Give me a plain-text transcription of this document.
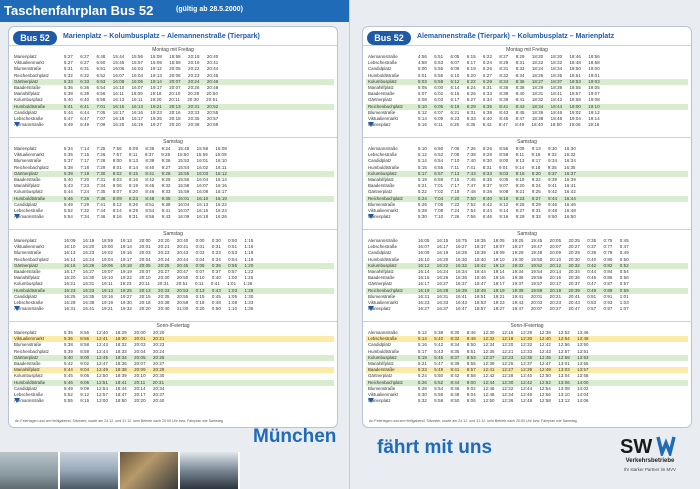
Taschenfahrplan Bus 52	(gültig ab 28.5.2000)
Bus 52	Marienplatz – Kolumbusplatz – Alemannenstraße (Tierpark)
Montag mit Freitag
Marienplatz	5:27 6:27 6:48 15:44 15:56 15:08 15:58 20:18 20:40
Viktualienmarkt	5:27 6:27 6:50 15:45 15:57 15:09 15:59 20:19 20:41
Blumenstraße	5:31 6:31 6:51 16:06 16:03 19:12 20:05 20:22 20:44
Reichenbachplatz	5:32 6:32 6:52 16:07 16:04 19:13 20:06 20:23 20:45
Gärtnerplatz	5:33 6:33 6:53 16:08 16:05 19:14 20:07 20:24 20:46
Baaderstraße	5:36 6:36 6:54 16:10 16:07 19:17 20:07 20:26 20:48
Mariahilfplatz	5:39 6:39 6:56 16:11 16:09 19:18 20:10 20:28 20:50
Kolumbusplatz	5:40 6:40 6:58 16:13 16:11 19:20 20:11 20:30 20:51
Humboldtstraße	5:41 6:41 7:01 16:15 16:13 19:21 20:13 20:31 20:52
Candidplatz	5:44 6:44 7:05 16:17 16:16 19:23 20:16 20:33 20:55
Lebschestraße	5:47 6:47 7:07 16:18 16:17 19:25 20:18 20:35 20:57
Alemannstraße	5:49 6:49 7:09 16:20 16:19 19:27 20:20 20:38 20:59
Samstag
Marienplatz	5:34 7:14 7:25 7:56 8:09 8:36 9:24 15:49 15:58 16:08
Viktualienmarkt	5:35 7:15 7:26 7:57 8:11 8:37 9:25 15:50 15:59 16:09
Blumenstraße	5:37 7:17 7:28 8:00 8:13 8:39 9:26 15:53 16:01 16:10
Reichenbachplatz	5:38 7:18 7:29 8:01 8:14 8:40 9:27 15:54 16:02 16:11
Gärtnerplatz	5:39 7:19 7:30 8:02 8:15 8:41 9:28 15:55 16:03 16:12
Baaderstraße	5:40 7:20 7:31 8:03 8:16 8:42 9:29 15:56 16:04 16:14
Mariahilfplatz	5:43 7:23 7:34 8:06 8:19 8:45 9:32 15:58 16:07 16:16
Kolumbusplatz	5:44 7:24 7:35 8:07 8:20 8:46 9:33 15:59 16:08 16:17
Humboldtstraße	5:46 7:26 7:38 8:09 8:23 8:48 9:35 16:01 16:10 16:19
Candidplatz	5:49 7:29 7:41 8:12 8:26 8:51 9:38 16:04 16:13 16:22
Lebschestraße	5:52 7:32 7:44 8:14 8:29 8:54 9:41 16:07 16:15 16:24
Alemannstraße	5:54 7:34 7:46 8:16 8:31 8:56 9:43 16:09 16:18 16:26
Samstag
Marienplatz	16:09 16:19 18:59 19:13 20:00 20:20 20:40 0:00 0:30 0:50 1:15
Viktualienmarkt	16:10 16:20 19:00 19:14 20:01 20:21 20:41 0:01 0:31 0:51 1:16
Blumenstraße	16:13 16:23 19:02 19:16 20:03 20:23 20:43 0:03 0:33 0:53 1:18
Reichenbachplatz	16:14 16:24 19:04 19:17 20:04 20:24 20:44 0:04 0:34 0:54 1:19
Gärtnerplatz	16:16 16:26 19:06 19:18 20:05 20:25 20:45 0:05 0:35 0:55 1:20
Baaderstraße	16:17 16:27 19:07 19:19 20:07 20:27 20:47 0:07 0:37 0:57 1:22
Mariahilfplatz	16:20 16:30 19:10 19:22 20:10 20:30 20:50 0:10 0:40 1:00 1:25
Kolumbusplatz	16:21 16:31 19:11 19:23 20:11 20:31 20:51 0:11 0:41 1:01 1:26
Humboldtstraße	16:23 16:33 19:13 19:25 20:13 20:33 20:53 0:13 0:43 1:03 1:28
Candidplatz	16:25 16:35 19:16 19:27 20:15 20:35 20:55 0:15 0:45 1:05 1:30
Lebschestraße	16:28 16:38 19:19 19:30 20:18 20:38 20:58 0:18 0:48 1:08 1:33
Alemannstraße	16:31 16:41 19:21 19:32 20:20 20:40 21:00 0:20 0:50 1:10 1:35
Sonn-/Feiertag
Marienplatz	5:35 8:55 12:40 18:29 20:00 20:20
Viktualienmarkt	5:36 8:56 12:41 18:30 20:01 20:21
Blumenstraße	5:38 8:58 12:43 18:32 20:03 20:23
Reichenbachplatz	5:39 8:59 12:44 18:33 20:04 20:24
Gärtnerplatz	5:40 9:00 12:45 18:34 20:05 20:25
Baaderstraße	5:42 9:02 12:47 18:36 20:07 20:27
Mariahilfplatz	5:44 9:04 12:49 18:38 20:09 20:29
Kolumbusplatz	5:45 9:05 12:50 18:39 20:10 20:30
Humboldtstraße	5:46 9:06 12:51 18:41 20:11 20:31
Candidplatz	5:49 9:09 12:54 18:44 20:14 20:34
Lebschestraße	5:52 9:12 12:57 18:47 20:17 20:37
Alemannstraße	5:55 9:15 13:00 18:50 20:20 20:40
An Feiertagen und am Heiligabend, Silvester, sowie am 24.12. und 31.12. kein Betrieb nach 20:00 Uhr bzw. Fahrplan wie Samstag
Bus 52	Alemannenstraße (Tierpark) – Kolumbusplatz – Marienplatz
Montag mit Freitag
Alemannstraße	4:56 5:51 6:05 6:15 6:22 8:27 8:29 18:20 18:30 18:46 18:56
Lebschestraße	4:58 5:53 6:07 6:17 6:24 8:29 8:31 18:22 18:32 18:48 18:58
Candidplatz	5:00 5:55 6:09 6:19 6:26 8:31 8:33 18:24 18:34 18:50 19:00
Humboldtstraße	5:01 5:56 6:10 6:20 6:27 8:32 8:34 18:25 18:35 18:51 19:01
Kolumbusplatz	5:03 5:58 6:12 6:22 6:29 8:34 8:36 18:27 18:37 18:53 19:03
Mariahilfplatz	5:05 6:00 6:14 6:24 6:31 8:36 8:38 18:29 18:39 18:55 19:05
Baaderstraße	5:07 6:02 6:16 6:26 6:33 8:38 8:40 18:31 18:41 18:57 19:07
Gärtnerplatz	5:08 6:03 6:17 6:27 6:34 8:39 8:41 18:32 18:42 18:58 19:08
Reichenbachplatz	5:10 6:05 6:19 6:29 6:36 8:41 8:43 18:34 18:44 19:00 19:10
Blumenstraße	5:12 6:07 6:21 6:31 6:38 8:43 8:45 18:36 18:46 19:02 19:12
Viktualienmarkt	5:14 6:09 6:23 6:33 6:40 8:45 8:47 18:38 18:48 19:04 19:14
Marienplatz	5:16 6:11 6:25 6:35 6:42 8:47 8:49 18:40 18:50 19:06 19:16
Samstag
Alemannstraße	5:10 6:50 7:06 7:36 8:26 8:56 9:09 9:13 9:30 16:30
Lebschestraße	5:12 6:52 7:08 7:38 8:28 8:58 9:11 9:15 9:32 16:32
Candidplatz	5:14 6:54 7:10 7:40 8:30 9:00 9:13 9:17 9:34 16:34
Humboldtstraße	5:15 6:55 7:11 7:41 8:31 9:01 9:14 9:18 9:35 16:35
Kolumbusplatz	5:17 6:57 7:13 7:43 8:33 9:03 9:16 9:20 9:37 16:37
Mariahilfplatz	5:19 6:59 7:15 7:45 8:35 9:05 9:18 9:22 9:39 16:39
Baaderstraße	5:21 7:01 7:17 7:47 8:37 9:07 9:20 9:24 9:41 16:41
Gärtnerplatz	5:22 7:02 7:18 7:48 8:38 9:08 9:21 9:25 9:42 16:42
Reichenbachplatz	5:24 7:04 7:20 7:50 8:40 9:10 9:23 9:27 9:44 16:44
Blumenstraße	5:26 7:06 7:22 7:52 8:42 9:12 9:25 9:29 9:46 16:46
Viktualienmarkt	5:28 7:08 7:24 7:54 8:44 9:14 9:27 9:31 9:48 16:48
Marienplatz	5:30 7:10 7:26 7:56 8:46 9:16 9:29 9:33 9:50 16:50
Samstag
Alemannstraße	16:05 16:15 16:75 18:35 19:05 19:25 19:45 20:05 20:25 0:35 0:75 0:45
Lebschestraße	16:07 16:17 16:27 18:37 19:07 19:27 19:47 20:07 20:27 0:37 0:77 0:47
Candidplatz	16:09 16:19 16:29 18:39 19:09 19:29 19:49 20:09 20:29 0:39 0:79 0:49
Humboldtstraße	16:10 16:20 16:30 18:40 19:10 19:30 19:50 20:10 20:30 0:40 0:80 0:50
Kolumbusplatz	16:12 16:22 16:32 18:42 19:12 19:32 19:52 20:12 20:32 0:42 0:82 0:52
Mariahilfplatz	16:14 16:24 16:34 18:44 19:14 19:34 19:54 20:14 20:34 0:44 0:84 0:54
Baaderstraße	16:16 16:26 16:36 18:46 19:16 19:36 19:56 20:16 20:36 0:46 0:86 0:56
Gärtnerplatz	16:17 16:27 16:37 18:47 19:17 19:37 19:57 20:17 20:37 0:47 0:87 0:57
Reichenbachplatz	16:19 16:29 16:39 18:49 19:19 19:39 19:59 20:19 20:39 0:49 0:89 0:59
Blumenstraße	16:21 16:31 16:41 18:51 19:21 19:41 20:01 20:21 20:41 0:51 0:91 1:01
Viktualienmarkt	16:23 16:33 16:43 18:53 19:23 19:43 20:03 20:23 20:43 0:53 0:93 1:03
Marienplatz	16:27 16:37 16:47 18:57 19:27 19:47 20:07 20:27 20:47 0:57 0:97 1:07
Sonn-/Feiertag
Alemannstraße	5:12 5:38 8:30 8:46 12:30 12:16 12:28 12:38 12:52 13:46
Lebschestraße	5:14 5:40 8:32 8:48 12:32 12:18 12:30 12:40 12:54 13:48
Candidplatz	5:16 5:42 8:34 8:50 12:34 12:20 12:32 12:42 12:56 13:50
Humboldtstraße	5:17 5:43 8:35 8:51 12:35 12:21 12:33 12:43 12:57 13:51
Kolumbusplatz	5:19 5:45 8:37 8:53 12:37 12:23 12:35 12:45 12:59 13:53
Mariahilfplatz	5:21 5:47 8:39 8:55 12:39 12:25 12:37 12:47 13:01 13:55
Baaderstraße	5:23 5:49 8:41 8:57 12:41 12:27 12:39 12:49 13:03 13:57
Gärtnerplatz	5:24 5:50 8:42 8:58 12:42 12:28 12:40 12:50 13:04 13:58
Reichenbachplatz	5:26 5:52 8:44 9:00 12:44 12:30 12:42 12:52 13:06 14:00
Blumenstraße	5:28 5:54 8:46 9:02 12:46 12:32 12:44 12:54 13:08 14:02
Viktualienmarkt	5:30 5:56 8:48 9:04 12:48 12:34 12:46 12:56 13:10 14:04
Marienplatz	5:32 5:58 8:50 9:06 12:50 12:36 12:48 12:58 13:12 14:06
An Feiertagen und am Heiligabend, Silvester, sowie am 24.12. und 31.12. kein Betrieb nach 20:00 Uhr bzw. Fahrplan wie Samstag
München
fährt mit uns	SW
Verkehrsbetriebe
Ihr starker Partner im MVV
